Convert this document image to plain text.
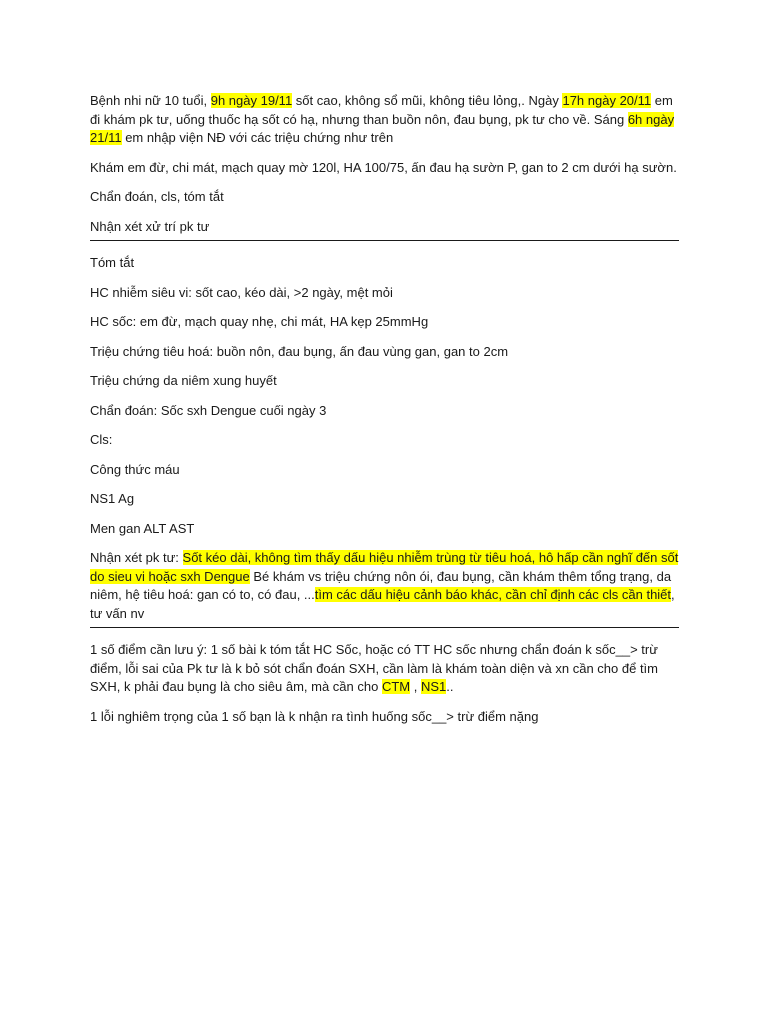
Bệnh nhi nữ 10 tuổi, 9h ngày 19/11 sốt cao, không sổ mũi, không tiêu lỏng,. Ngày 17h ngày 20/11 em đi khám pk tư, uống thuốc hạ sốt có hạ, nhưng than buồn nôn, đau bụng, pk tư cho về. Sáng 6h ngày 21/11 em nhập viện NĐ với các triệu chứng như trên

Khám em đừ, chi mát, mạch quay mờ 120l, HA 100/75, ấn đau hạ sườn P, gan to 2 cm dưới hạ sườn.

Chẩn đoán, cls, tóm tắt

Nhận xét xử trí pk tư

Tóm tắt

HC nhiễm siêu vi: sốt cao, kéo dài, >2 ngày, mệt mỏi

HC sốc: em đừ, mạch quay nhẹ, chi mát, HA kẹp 25mmHg

Triệu chứng tiêu hoá: buồn nôn, đau bụng, ấn đau vùng gan, gan to 2cm

Triệu chứng da niêm xung huyết

Chẩn đoán: Sốc sxh Dengue cuối ngày 3

Cls:

Công thức máu

NS1 Ag

Men gan ALT AST

Nhận xét pk tư: Sốt kéo dài, không tìm thấy dấu hiệu nhiễm trùng từ tiêu hoá, hô hấp cần nghĩ đến sốt do sieu vi hoặc sxh Dengue Bé khám vs triệu chứng nôn ói, đau bụng, cần khám thêm tổng trạng, da niêm, hệ tiêu hoá: gan có to, có đau, ...tìm các dấu hiệu cảnh báo khác, cần chỉ định các cls cần thiết, tư vấn nv

1 số điểm cần lưu ý: 1 số bài k tóm tắt HC Sốc, hoặc có TT HC sốc nhưng chẩn đoán k sốc__> trừ điểm, lỗi sai của Pk tư là k bỏ sót chẩn đoán SXH, cần làm là khám toàn diện và xn cần cho để tìm SXH, k phải đau bụng là cho siêu âm, mà cần cho CTM , NS1..

1 lỗi nghiêm trọng của 1 số bạn là k nhận ra tình huống sốc__> trừ điểm nặng
